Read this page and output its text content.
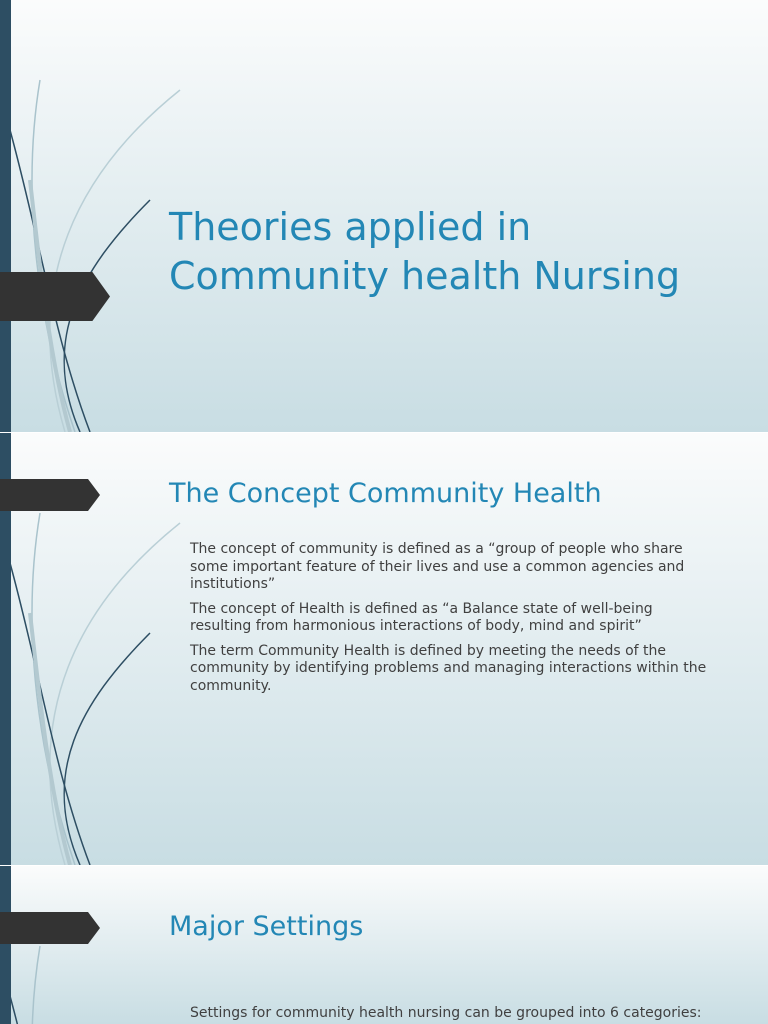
Theories applied in Community health Nursing
The Concept Community Health
The concept of community is defined as a “group of people who share some important feature of their lives and use a common agencies and institutions”
The concept of Health is defined as “a Balance state of well-being resulting from harmonious interactions of body, mind and spirit”
The term Community Health is defined by meeting the needs of the community by identifying problems and managing interactions within the community.
Major Settings
Settings for community health nursing can be grouped into 6 categories:
